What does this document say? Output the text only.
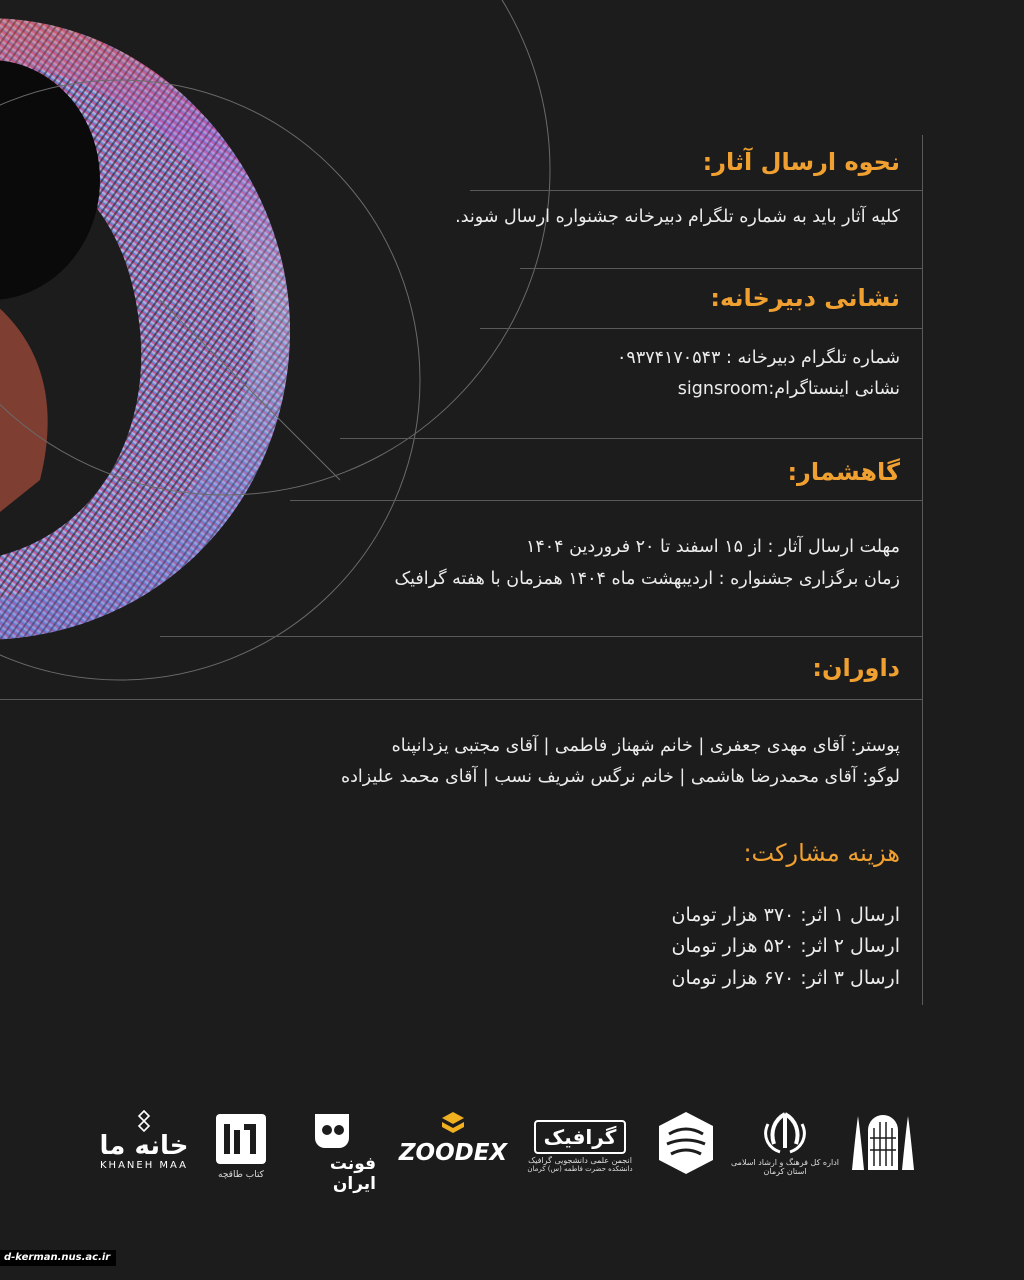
نحوه ارسال آثار:
کلیه آثار باید به شماره تلگرام دبیرخانه جشنواره ارسال شوند.
نشانی دبیرخانه:
شماره تلگرام دبیرخانه : ۰۹۳۷۴۱۷۰۵۴۳
نشانی اینستاگرام:signsroom
گاهشمار:
مهلت ارسال آثار : از ۱۵ اسفند تا ۲۰ فروردین ۱۴۰۴
زمان برگزاری جشنواره : اردیبهشت ماه ۱۴۰۴ همزمان با هفته گرافیک
داوران:
پوستر: آقای مهدی جعفری | خانم شهناز فاطمی | آقای مجتبی یزدانپناه
لوگو: آقای محمدرضا هاشمی | خانم نرگس شریف نسب | آقای محمد علیزاده
هزینه مشارکت:
ارسال ۱ اثر: ۳۷۰ هزار تومان
ارسال ۲ اثر: ۵۲۰ هزار تومان
ارسال ۳ اثر: ۶۷۰ هزار تومان
خانه ما
KHANEH MAA
کتاب طاقچه
فونت ایران
ZOODEX
گرافیک
انجمن علمی دانشجویی گرافیک
دانشکده حضرت فاطمه (س) کرمان
اداره کل فرهنگ و ارشاد اسلامی
استان کرمان
d-kerman.nus.ac.ir
